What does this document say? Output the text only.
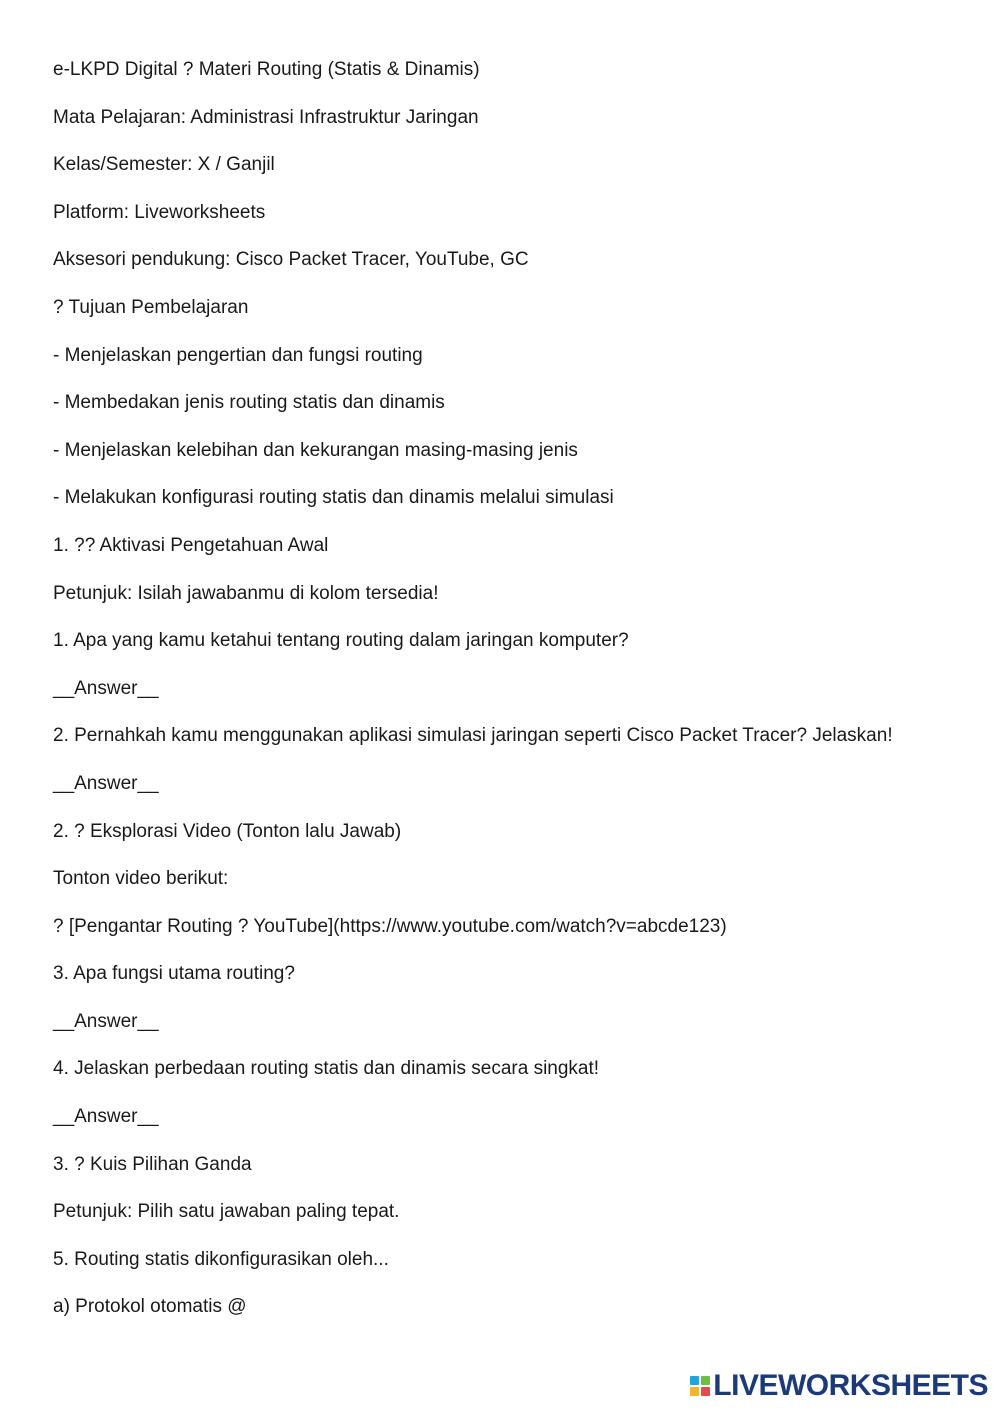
e-LKPD Digital ? Materi Routing (Statis & Dinamis)
Mata Pelajaran: Administrasi Infrastruktur Jaringan
Kelas/Semester: X / Ganjil
Platform: Liveworksheets
Aksesori pendukung: Cisco Packet Tracer, YouTube, GC
? Tujuan Pembelajaran
- Menjelaskan pengertian dan fungsi routing
- Membedakan jenis routing statis dan dinamis
- Menjelaskan kelebihan dan kekurangan masing-masing jenis
- Melakukan konfigurasi routing statis dan dinamis melalui simulasi
1. ?? Aktivasi Pengetahuan Awal
Petunjuk: Isilah jawabanmu di kolom tersedia!
1. Apa yang kamu ketahui tentang routing dalam jaringan komputer?
__Answer__
2. Pernahkah kamu menggunakan aplikasi simulasi jaringan seperti Cisco Packet Tracer? Jelaskan!
__Answer__
2. ? Eksplorasi Video (Tonton lalu Jawab)
Tonton video berikut:
? [Pengantar Routing ? YouTube](https://www.youtube.com/watch?v=abcde123)
3. Apa fungsi utama routing?
__Answer__
4. Jelaskan perbedaan routing statis dan dinamis secara singkat!
__Answer__
3. ? Kuis Pilihan Ganda
Petunjuk: Pilih satu jawaban paling tepat.
5. Routing statis dikonfigurasikan oleh...
a) Protokol otomatis @
LIVEWORKSHEETS
